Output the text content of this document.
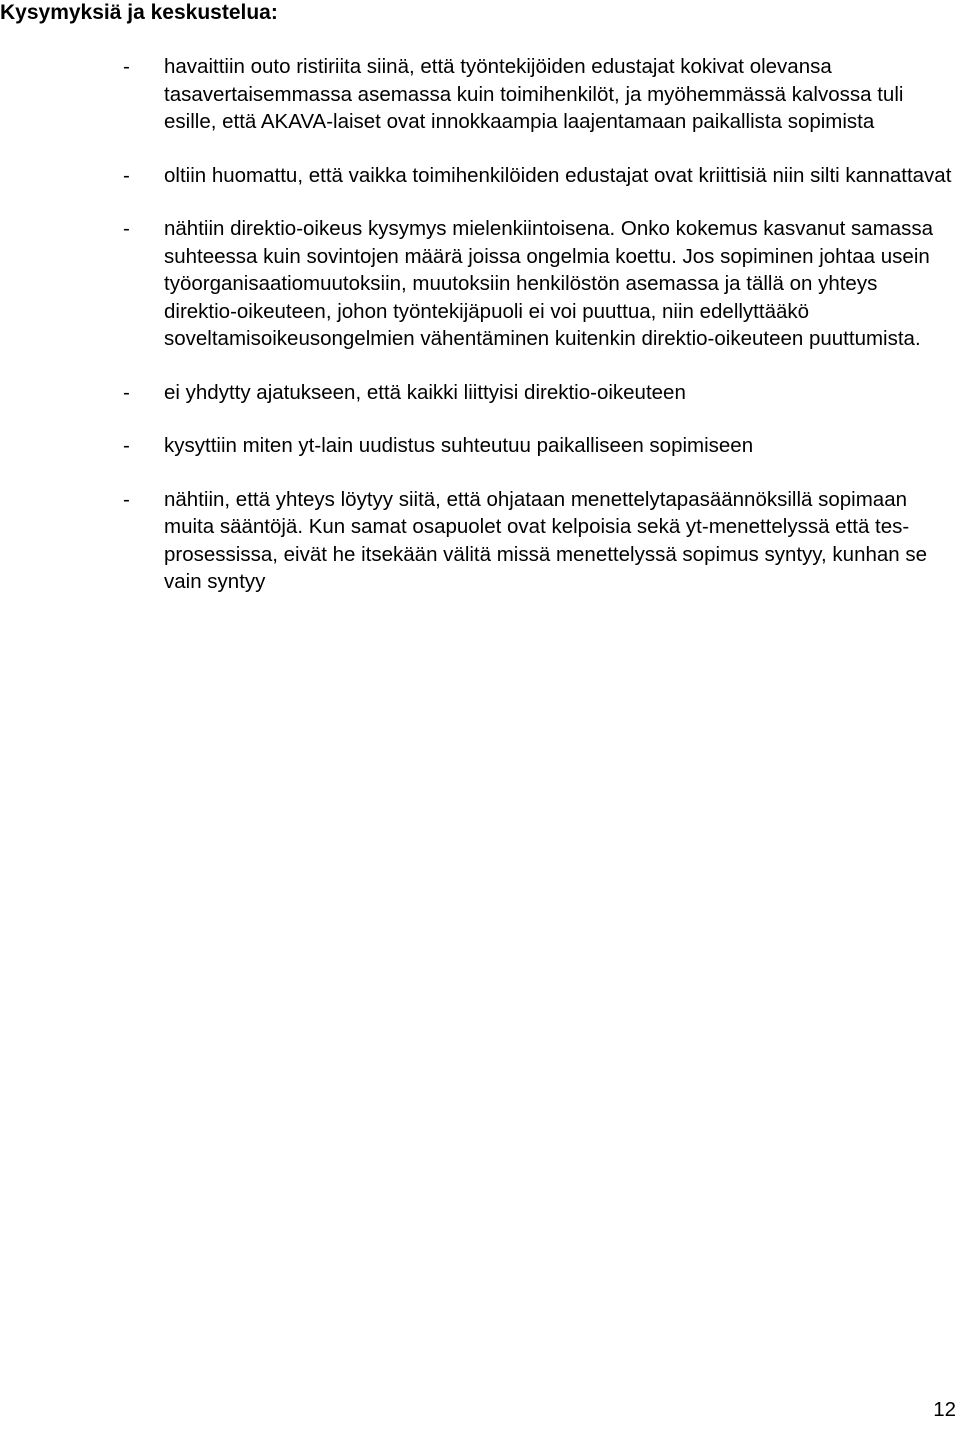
Kysymyksiä ja keskustelua:
- havaittiin outo ristiriita siinä, että työntekijöiden edustajat kokivat olevansa tasavertaisemmassa asemassa kuin toimihenkilöt, ja myöhemmässä kalvossa tuli esille, että AKAVA-laiset ovat innokkaampia laajentamaan paikallista sopimista
- oltiin huomattu, että vaikka toimihenkilöiden edustajat ovat kriittisiä niin silti kannattavat
- nähtiin direktio-oikeus kysymys mielenkiintoisena. Onko kokemus kasvanut samassa suhteessa kuin sovintojen määrä joissa ongelmia koettu. Jos sopiminen johtaa usein työorganisaatiomuutoksiin, muutoksiin henkilöstön asemassa ja tällä on yhteys direktio-oikeuteen, johon työntekijäpuoli ei voi puuttua, niin edellyttääkö soveltamisoikeusongelmien vähentäminen kuitenkin direktio-oikeuteen puuttumista.
- ei yhdytty ajatukseen, että kaikki liittyisi direktio-oikeuteen
- kysyttiin miten yt-lain uudistus suhteutuu paikalliseen sopimiseen
- nähtiin, että yhteys löytyy siitä, että ohjataan menettelytapasäännöksillä sopimaan muita sääntöjä. Kun samat osapuolet ovat kelpoisia sekä yt-menettelyssä että tes-prosessissa, eivät he itsekään välitä missä menettelyssä sopimus syntyy, kunhan se vain syntyy
12
